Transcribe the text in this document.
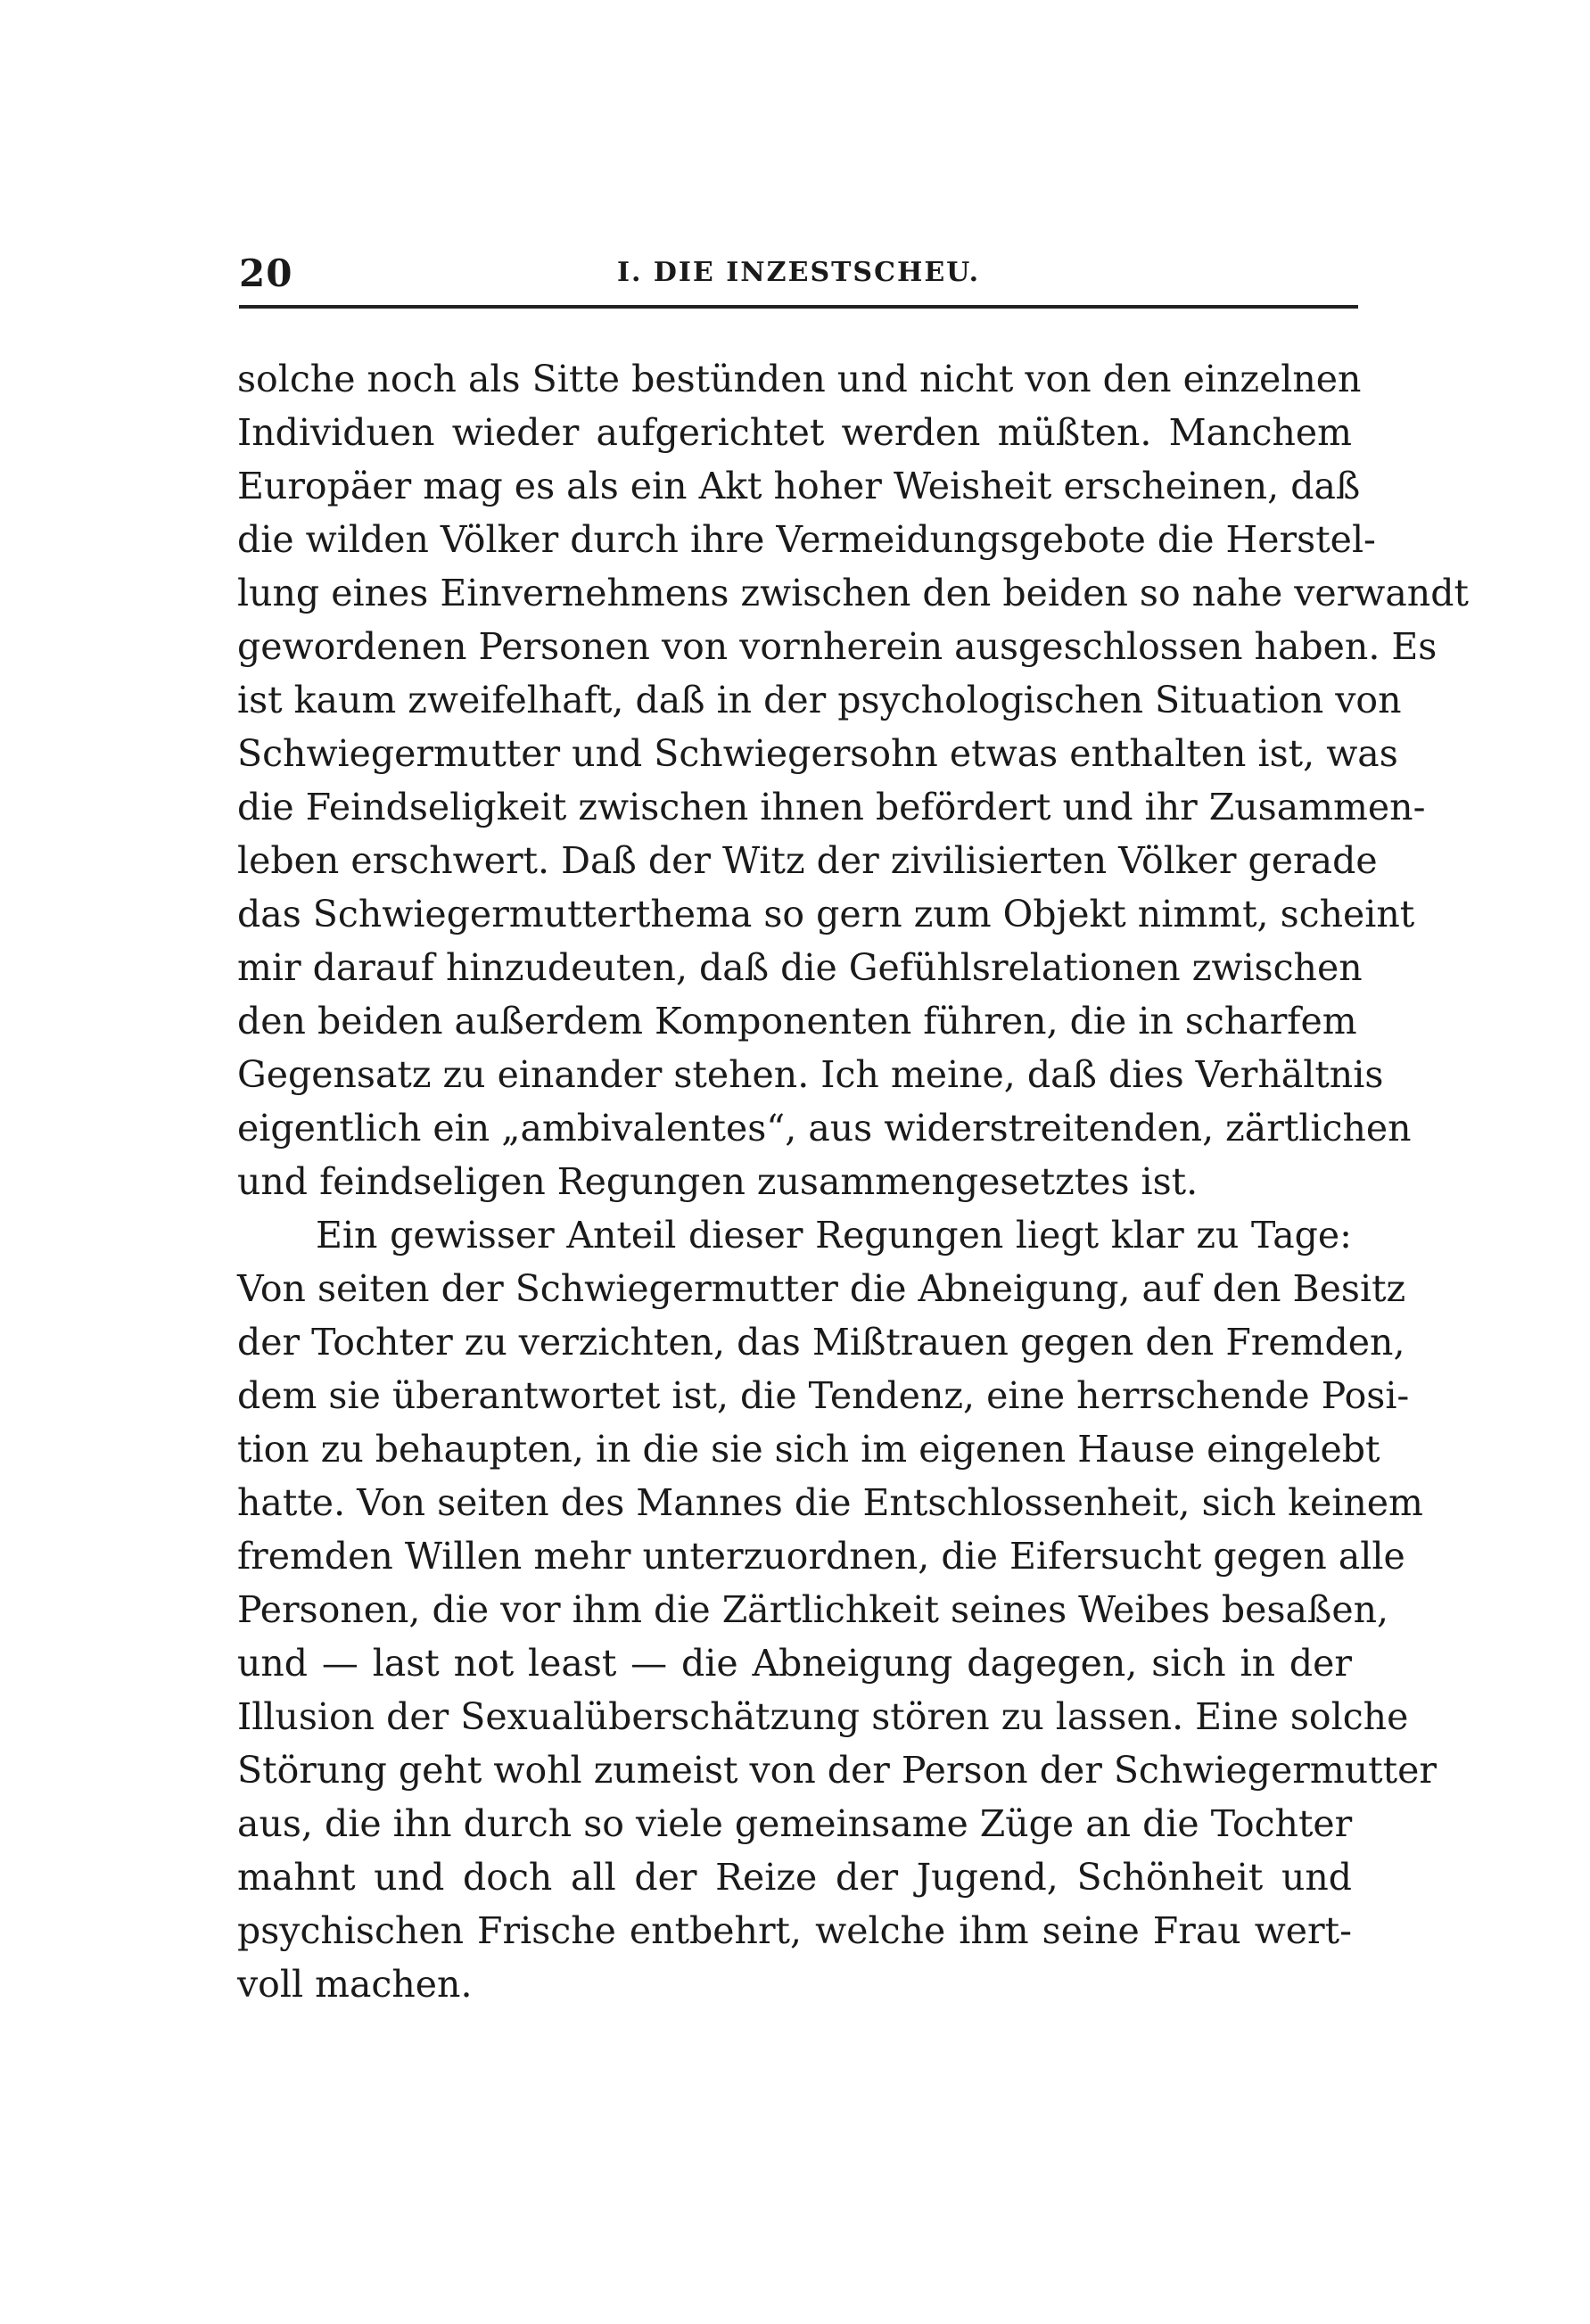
20	I. DIE INZESTSCHEU.
solche noch als Sitte bestünden und nicht von den einzelnen
Individuen wieder aufgerichtet werden müßten. Manchem
Europäer mag es als ein Akt hoher Weisheit erscheinen, daß
die wilden Völker durch ihre Vermeidungsgebote die Herstel-
lung eines Einvernehmens zwischen den beiden so nahe verwandt
gewordenen Personen von vornherein ausgeschlossen haben. Es
ist kaum zweifelhaft, daß in der psychologischen Situation von
Schwiegermutter und Schwiegersohn etwas enthalten ist, was
die Feindseligkeit zwischen ihnen befördert und ihr Zusammen-
leben erschwert. Daß der Witz der zivilisierten Völker gerade
das Schwiegermutterthema so gern zum Objekt nimmt, scheint
mir darauf hinzudeuten, daß die Gefühlsrelationen zwischen
den beiden außerdem Komponenten führen, die in scharfem
Gegensatz zu einander stehen. Ich meine, daß dies Verhältnis
eigentlich ein „ambivalentes“, aus widerstreitenden, zärtlichen
und feindseligen Regungen zusammengesetztes ist.
Ein gewisser Anteil dieser Regungen liegt klar zu Tage:
Von seiten der Schwiegermutter die Abneigung, auf den Besitz
der Tochter zu verzichten, das Mißtrauen gegen den Fremden,
dem sie überantwortet ist, die Tendenz, eine herrschende Posi-
tion zu behaupten, in die sie sich im eigenen Hause eingelebt
hatte. Von seiten des Mannes die Entschlossenheit, sich keinem
fremden Willen mehr unterzuordnen, die Eifersucht gegen alle
Personen, die vor ihm die Zärtlichkeit seines Weibes besaßen,
und — last not least — die Abneigung dagegen, sich in der
Illusion der Sexualüberschätzung stören zu lassen. Eine solche
Störung geht wohl zumeist von der Person der Schwiegermutter
aus, die ihn durch so viele gemeinsame Züge an die Tochter
mahnt und doch all der Reize der Jugend, Schönheit und
psychischen Frische entbehrt, welche ihm seine Frau wert-
voll machen.
